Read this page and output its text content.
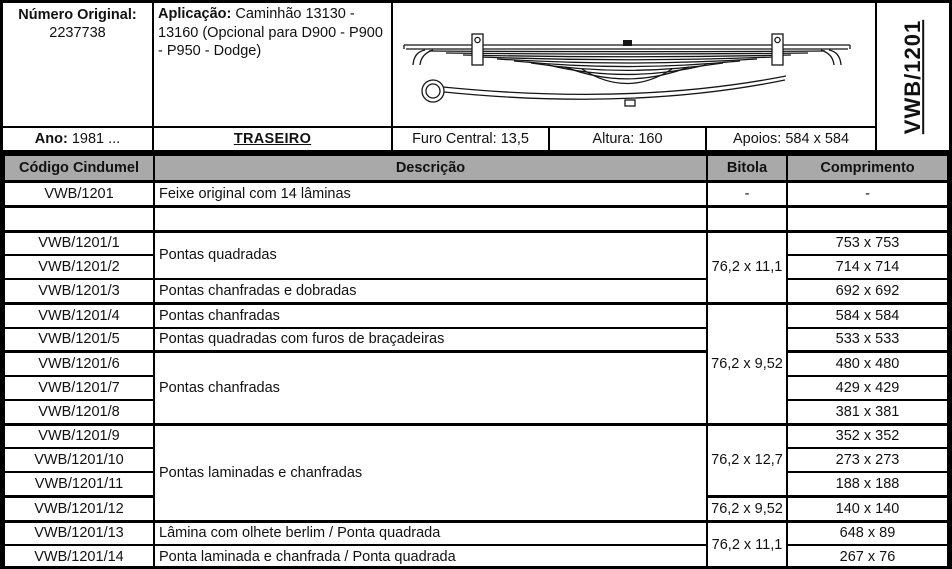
Número Original:
2237738
Aplicação: Caminhão 13130 - 13160 (Opcional para D900 - P900 - P950 - Dodge)	VWB/1201
Ano: 1981 ...	TRASEIRO	Furo Central: 13,5	Altura: 160	Apoios: 584 x 584
Código Cindumel	Descrição	Bitola	Comprimento
VWB/1201	Feixe original com 14 lâminas	-	-

VWB/1201/1	Pontas quadradas	76,2 x 11,1	753 x 753
VWB/1201/2			714 x 714
VWB/1201/3	Pontas chanfradas e dobradas		692 x 692
VWB/1201/4	Pontas chanfradas	76,2 x 9,52	584 x 584
VWB/1201/5	Pontas quadradas com furos de braçadeiras		533 x 533
VWB/1201/6	Pontas chanfradas		480 x 480
VWB/1201/7			429 x 429
VWB/1201/8			381 x 381
VWB/1201/9	Pontas laminadas e chanfradas	76,2 x 12,7	352 x 352
VWB/1201/10			273 x 273
VWB/1201/11			188 x 188
VWB/1201/12		76,2 x 9,52	140 x 140
VWB/1201/13	Lâmina com olhete berlim / Ponta quadrada	76,2 x 11,1	648 x 89
VWB/1201/14	Ponta laminada e chanfrada / Ponta quadrada		267 x 76
